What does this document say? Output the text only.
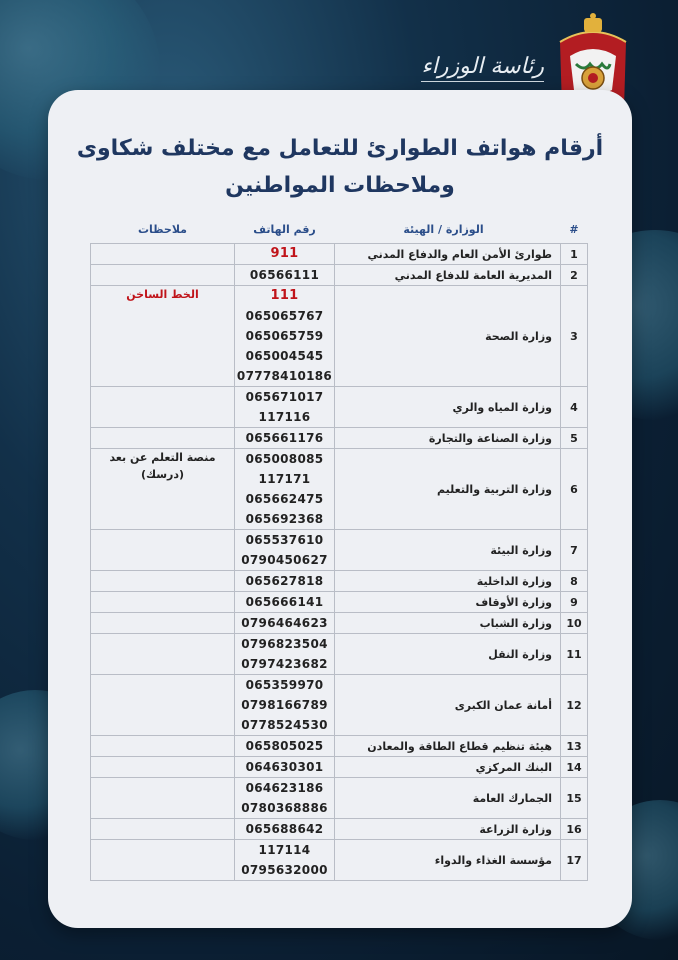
رئاسة الوزراء
أرقام هواتف الطوارئ للتعامل مع مختلف شكاوى
وملاحظات المواطنين
#	الوزارة / الهيئة	رقم الهاتف	ملاحظات
1	طوارئ الأمن العام والدفاع المدني	911	

2	المديرية العامة للدفاع المدني	06566111	

3	وزارة الصحة	111
065065767
065065759
065004545
07778410186	الخط الساخن

4	وزارة المياه والري	065671017
117116	

5	وزارة الصناعة والتجارة	065661176	

6	وزارة التربية والتعليم	065008085
117171
065662475
065692368	منصة التعلم عن بعد
(درسك)

7	وزارة البيئة	065537610
0790450627	

8	وزارة الداخلية	065627818	

9	وزارة الأوقاف	065666141	

10	وزارة الشباب	0796464623	

11	وزارة النقل	0796823504
0797423682	

12	أمانة عمان الكبرى	065359970
0798166789
0778524530	

13	هيئة تنظيم قطاع الطاقة والمعادن	065805025	

14	البنك المركزي	064630301	

15	الجمارك العامة	064623186
0780368886	

16	وزارة الزراعة	065688642	

17	مؤسسة الغذاء والدواء	117114
0795632000	
